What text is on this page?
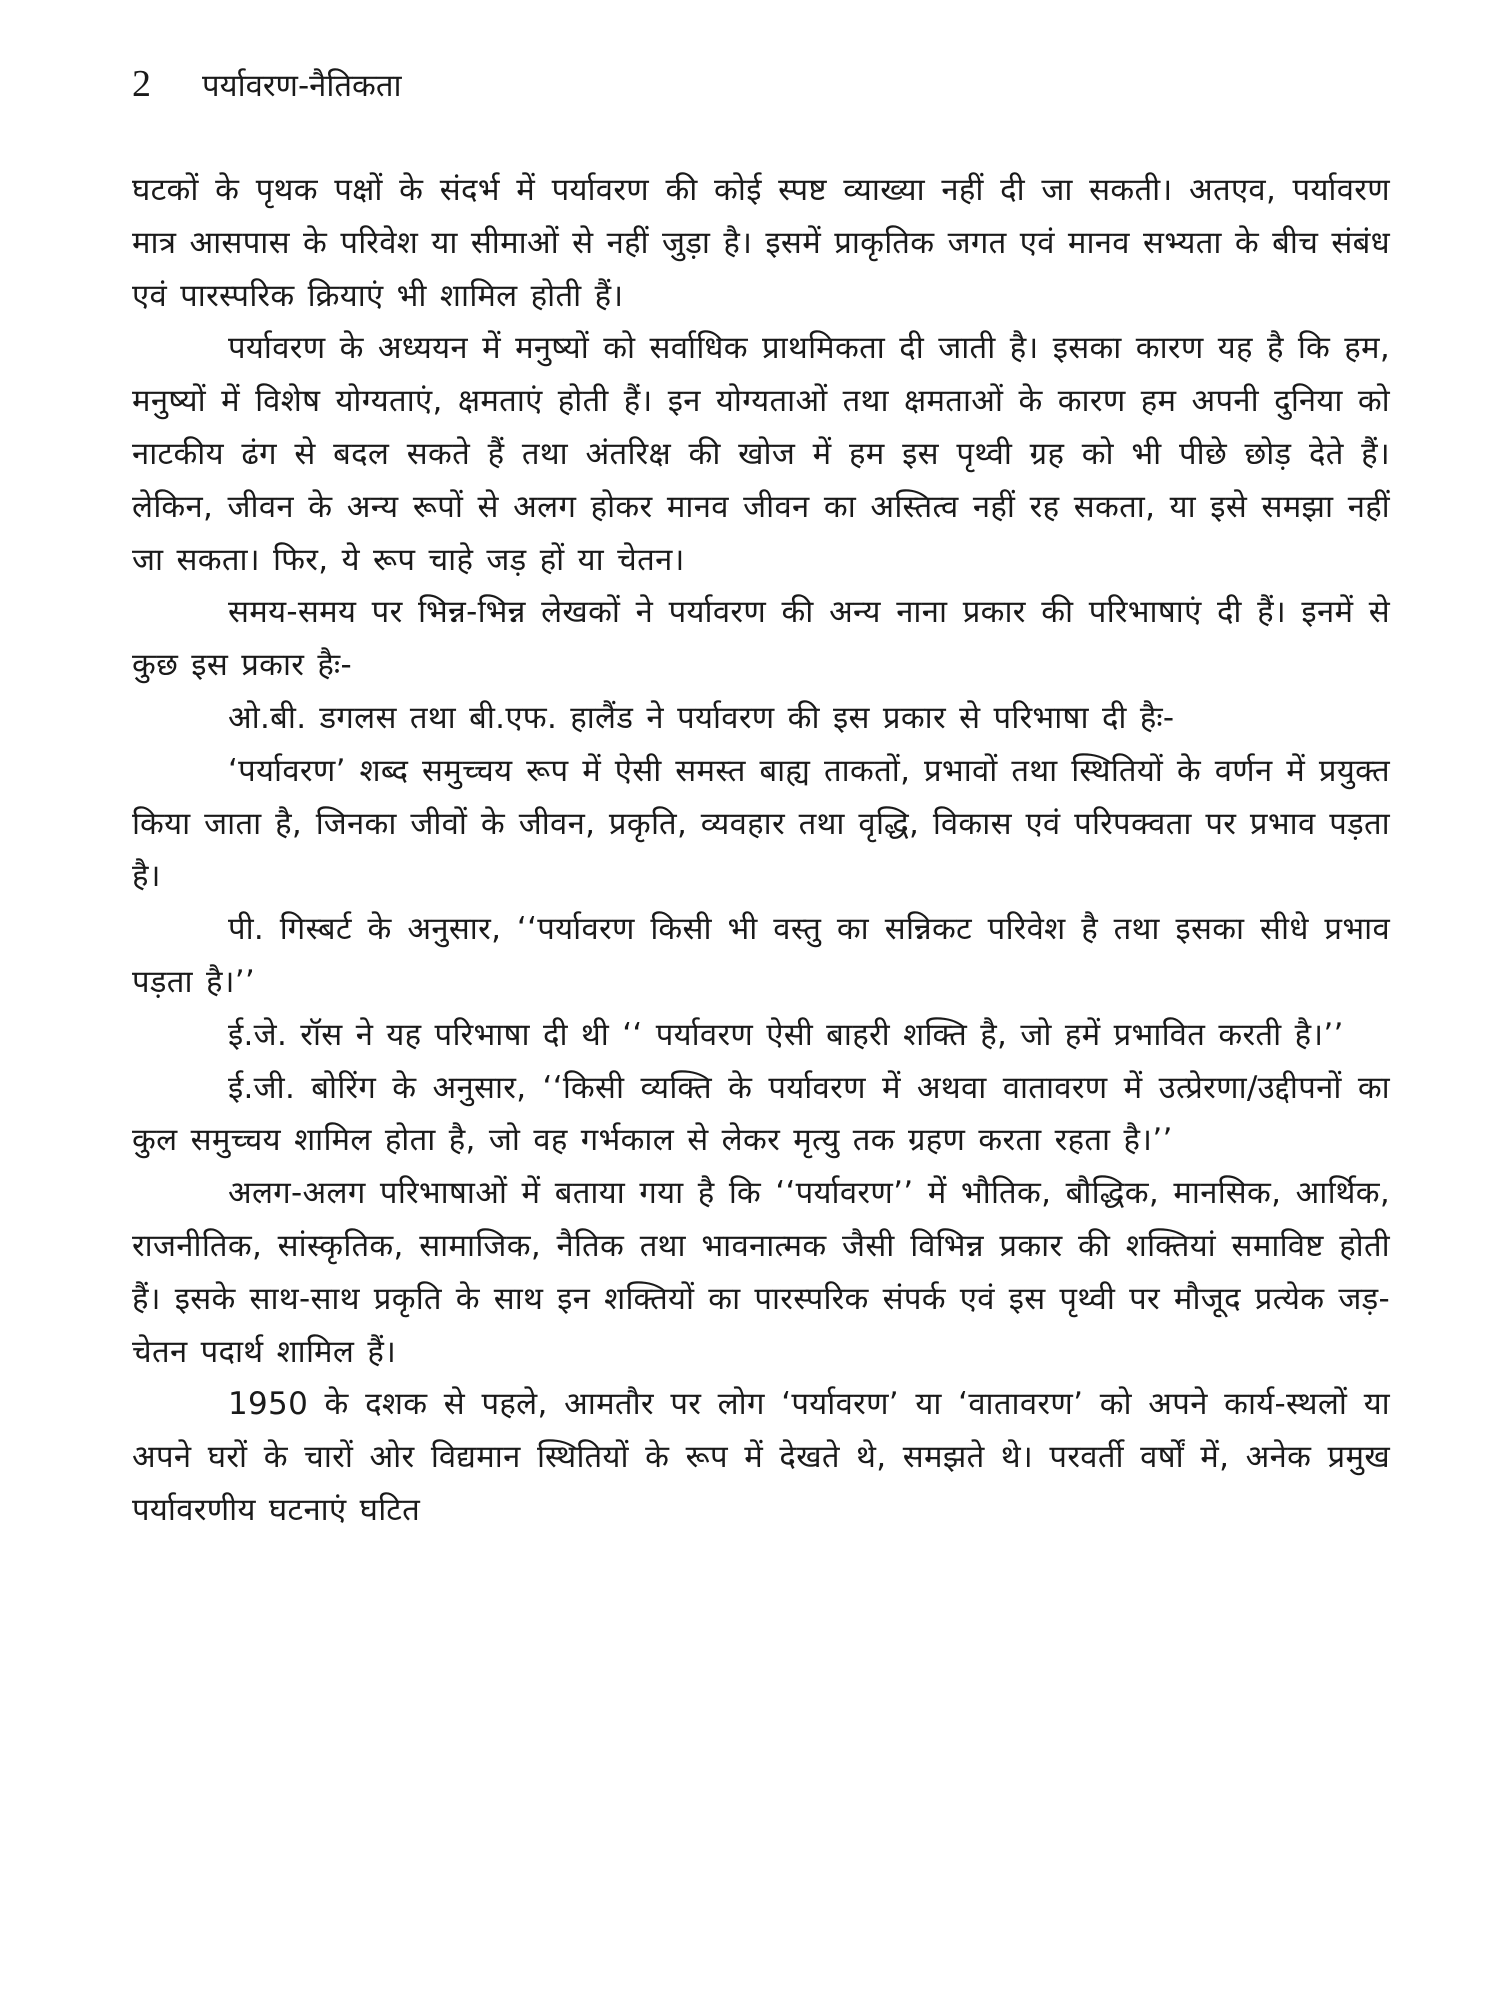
2	पर्यावरण-नैतिकता

घटकों के पृथक पक्षों के संदर्भ में पर्यावरण की कोई स्पष्ट व्याख्या नहीं दी जा सकती। अतएव, पर्यावरण मात्र आसपास के परिवेश या सीमाओं से नहीं जुड़ा है। इसमें प्राकृतिक जगत एवं मानव सभ्यता के बीच संबंध एवं पारस्परिक क्रियाएं भी शामिल होती हैं।

पर्यावरण के अध्ययन में मनुष्यों को सर्वाधिक प्राथमिकता दी जाती है। इसका कारण यह है कि हम, मनुष्यों में विशेष योग्यताएं, क्षमताएं होती हैं। इन योग्यताओं तथा क्षमताओं के कारण हम अपनी दुनिया को नाटकीय ढंग से बदल सकते हैं तथा अंतरिक्ष की खोज में हम इस पृथ्वी ग्रह को भी पीछे छोड़ देते हैं। लेकिन, जीवन के अन्य रूपों से अलग होकर मानव जीवन का अस्तित्व नहीं रह सकता, या इसे समझा नहीं जा सकता। फिर, ये रूप चाहे जड़ हों या चेतन।

समय-समय पर भिन्न-भिन्न लेखकों ने पर्यावरण की अन्य नाना प्रकार की परिभाषाएं दी हैं। इनमें से कुछ इस प्रकार हैः-

ओ.बी. डगलस तथा बी.एफ. हालैंड ने पर्यावरण की इस प्रकार से परिभाषा दी हैः-

‘पर्यावरण’ शब्द समुच्चय रूप में ऐसी समस्त बाह्य ताकतों, प्रभावों तथा स्थितियों के वर्णन में प्रयुक्त किया जाता है, जिनका जीवों के जीवन, प्रकृति, व्यवहार तथा वृद्धि, विकास एवं परिपक्वता पर प्रभाव पड़ता है।

पी. गिस्बर्ट के अनुसार, ‘‘पर्यावरण किसी भी वस्तु का सन्निकट परिवेश है तथा इसका सीधे प्रभाव पड़ता है।’’

ई.जे. रॉस ने यह परिभाषा दी थी ‘‘ पर्यावरण ऐसी बाहरी शक्ति है, जो हमें प्रभावित करती है।’’

ई.जी. बोरिंग के अनुसार, ‘‘किसी व्यक्ति के पर्यावरण में अथवा वातावरण में उत्प्रेरणा/उद्दीपनों का कुल समुच्चय शामिल होता है, जो वह गर्भकाल से लेकर मृत्यु तक ग्रहण करता रहता है।’’

अलग-अलग परिभाषाओं में बताया गया है कि ‘‘पर्यावरण’’ में भौतिक, बौद्धिक, मानसिक, आर्थिक, राजनीतिक, सांस्कृतिक, सामाजिक, नैतिक तथा भावनात्मक जैसी विभिन्न प्रकार की शक्तियां समाविष्ट होती हैं। इसके साथ-साथ प्रकृति के साथ इन शक्तियों का पारस्परिक संपर्क एवं इस पृथ्वी पर मौजूद प्रत्येक जड़-चेतन पदार्थ शामिल हैं।

1950 के दशक से पहले, आमतौर पर लोग ‘पर्यावरण’ या ‘वातावरण’ को अपने कार्य-स्थलों या अपने घरों के चारों ओर विद्यमान स्थितियों के रूप में देखते थे, समझते थे। परवर्ती वर्षों में, अनेक प्रमुख पर्यावरणीय घटनाएं घटित
